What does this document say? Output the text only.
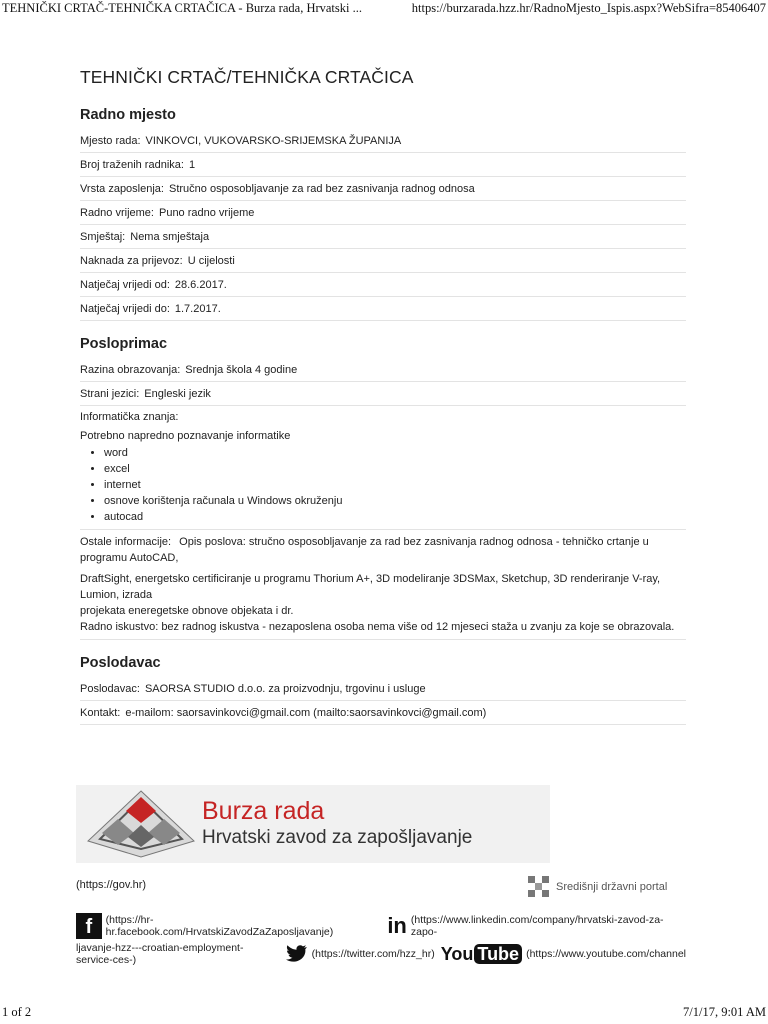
TEHNIČKI CRTAČ-TEHNIČKA CRTAČICA - Burza rada, Hrvatski ...	https://burzarada.hzz.hr/RadnoMjesto_Ispis.aspx?WebSifra=85406407
TEHNIČKI CRTAČ/TEHNIČKA CRTAČICA
Radno mjesto
Mjesto rada: VINKOVCI, VUKOVARSKO-SRIJEMSKA ŽUPANIJA
Broj traženih radnika: 1
Vrsta zaposlenja: Stručno osposobljavanje za rad bez zasnivanja radnog odnosa
Radno vrijeme: Puno radno vrijeme
Smještaj: Nema smještaja
Naknada za prijevoz: U cijelosti
Natječaj vrijedi od: 28.6.2017.
Natječaj vrijedi do: 1.7.2017.
Posloprimac
Razina obrazovanja: Srednja škola 4 godine
Strani jezici: Engleski jezik

Informatička znanja:

Potrebno napredno poznavanje informatike

• word
• excel
• internet
• osnove korištenja računala u Windows okruženju
• autocad

Ostale informacije: Opis poslova: stručno osposobljavanje za rad bez zasnivanja radnog odnosa - tehničko crtanje u programu AutoCAD,

DraftSight, energetsko certificiranje u programu Thorium A+, 3D modeliranje 3DSMax, Sketchup, 3D renderiranje V-ray, Lumion, izrada

projekata eneregetske obnove objekata i dr.

Radno iskustvo: bez radnog iskustva - nezaposlena osoba nema više od 12 mjeseci staža u zvanju za koje se obrazovala.

Poslodavac
Poslodavac: SAORSA STUDIO d.o.o. za proizvodnju, trgovinu i usluge
Kontakt: e-mailom: saorsavinkovci@gmail.com (mailto:saorsavinkovci@gmail.com)
Burza rada
Hrvatski zavod za zapošljavanje
(https://gov.hr)	Središnji državni portal
f	(https://hr-hr.facebook.com/HrvatskiZavodZaZaposljavanje)	in (https://www.linkedin.com/company/hrvatski-zavod-za-zapo-
ljavanje-hzz---croatian-employment-service-ces-)	(https://twitter.com/hzz_hr) You Tube (https://www.youtube.com/channel
1 of 2	7/1/17, 9:01 AM
